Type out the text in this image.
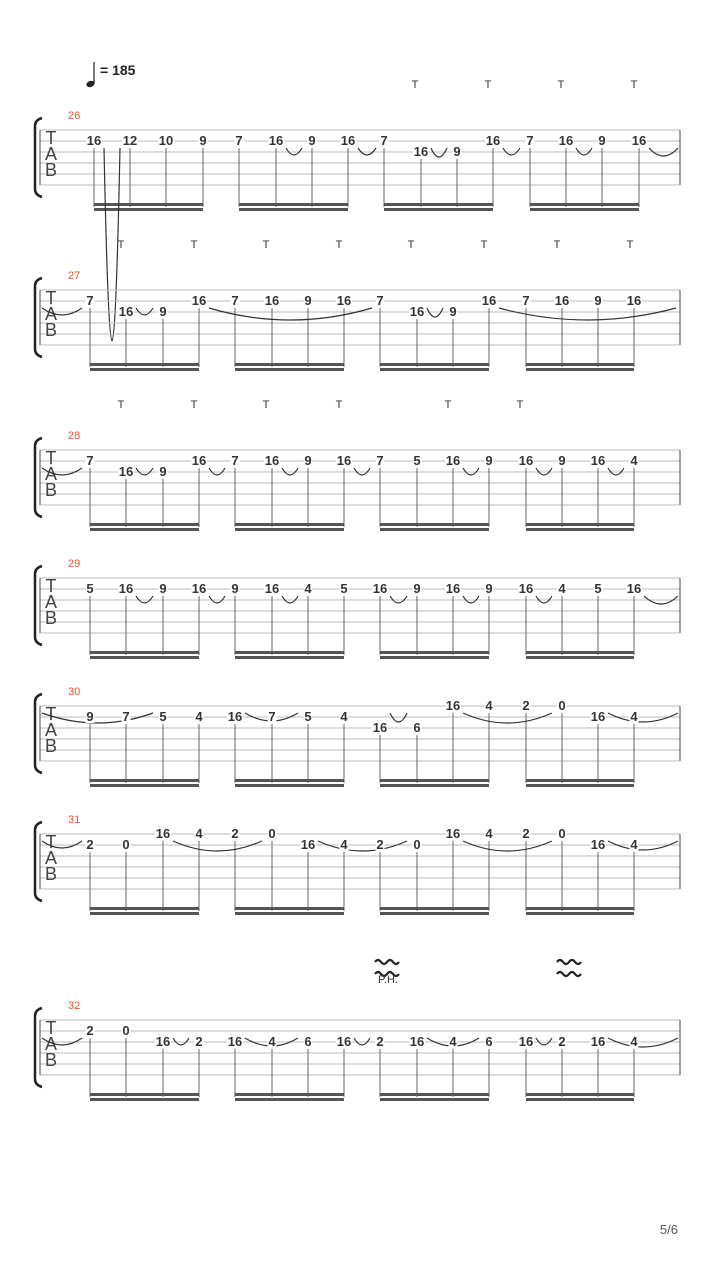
= 185
T
A
B
26
T	T	T	T
16 12 10 9 7 16 9 16 7
16 9
16 7 16 9 16
T
A
B
27
T	T	T	T	T	T	T	T
7
16 9
16 7 16 9 16 7
16 9
16 7 16 9 16
T
A
B
28
T	T	T	T	T	T
7
16 9
16 7 16 9 16 7 5 16 9 16 9 16 4
T
A
B
29
5 16 9 16 9 16 4 5 16 9 16 9 16 4 5 16
T
A
B
30
9 7 5 4 16 7 5 4
16 6
16 4 2 0
16 4
T
A
B
31
2 0
16 4 2 0
16 4 2 0
16 4 2 0
16 4
T
A
B
32
2 0
16 2 16 4 6 16 2 16 4 6 16 2 16 4
P.H.
5/6
